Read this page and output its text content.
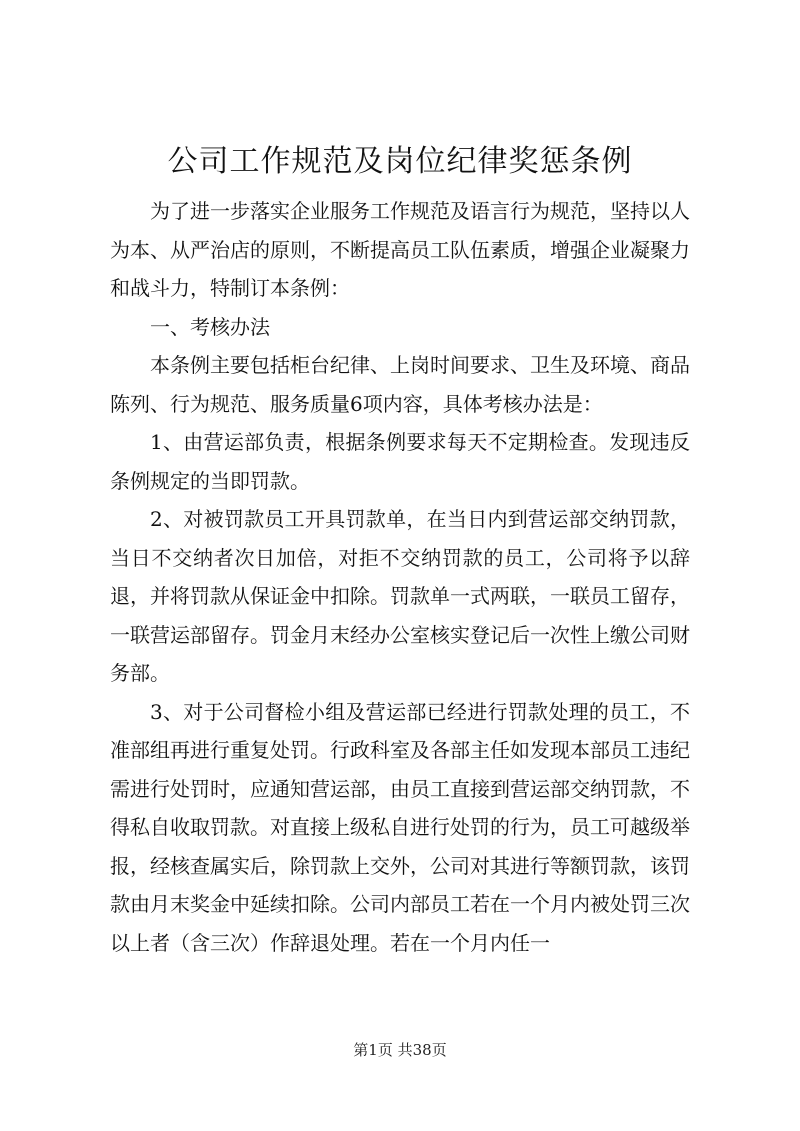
公司工作规范及岗位纪律奖惩条例

为了进一步落实企业服务工作规范及语言行为规范，坚持以人为本、从严治店的原则，不断提高员工队伍素质，增强企业凝聚力和战斗力，特制订本条例：

一、考核办法

本条例主要包括柜台纪律、上岗时间要求、卫生及环境、商品陈列、行为规范、服务质量6项内容，具体考核办法是：

1、由营运部负责，根据条例要求每天不定期检查。发现违反条例规定的当即罚款。

2、对被罚款员工开具罚款单，在当日内到营运部交纳罚款，当日不交纳者次日加倍，对拒不交纳罚款的员工，公司将予以辞退，并将罚款从保证金中扣除。罚款单一式两联，一联员工留存，一联营运部留存。罚金月末经办公室核实登记后一次性上缴公司财务部。

3、对于公司督检小组及营运部已经进行罚款处理的员工，不准部组再进行重复处罚。行政科室及各部主任如发现本部员工违纪需进行处罚时，应通知营运部，由员工直接到营运部交纳罚款，不得私自收取罚款。对直接上级私自进行处罚的行为，员工可越级举报，经核查属实后，除罚款上交外，公司对其进行等额罚款，该罚款由月末奖金中延续扣除。公司内部员工若在一个月内被处罚三次以上者（含三次）作辞退处理。若在一个月内任一

第1页 共38页
